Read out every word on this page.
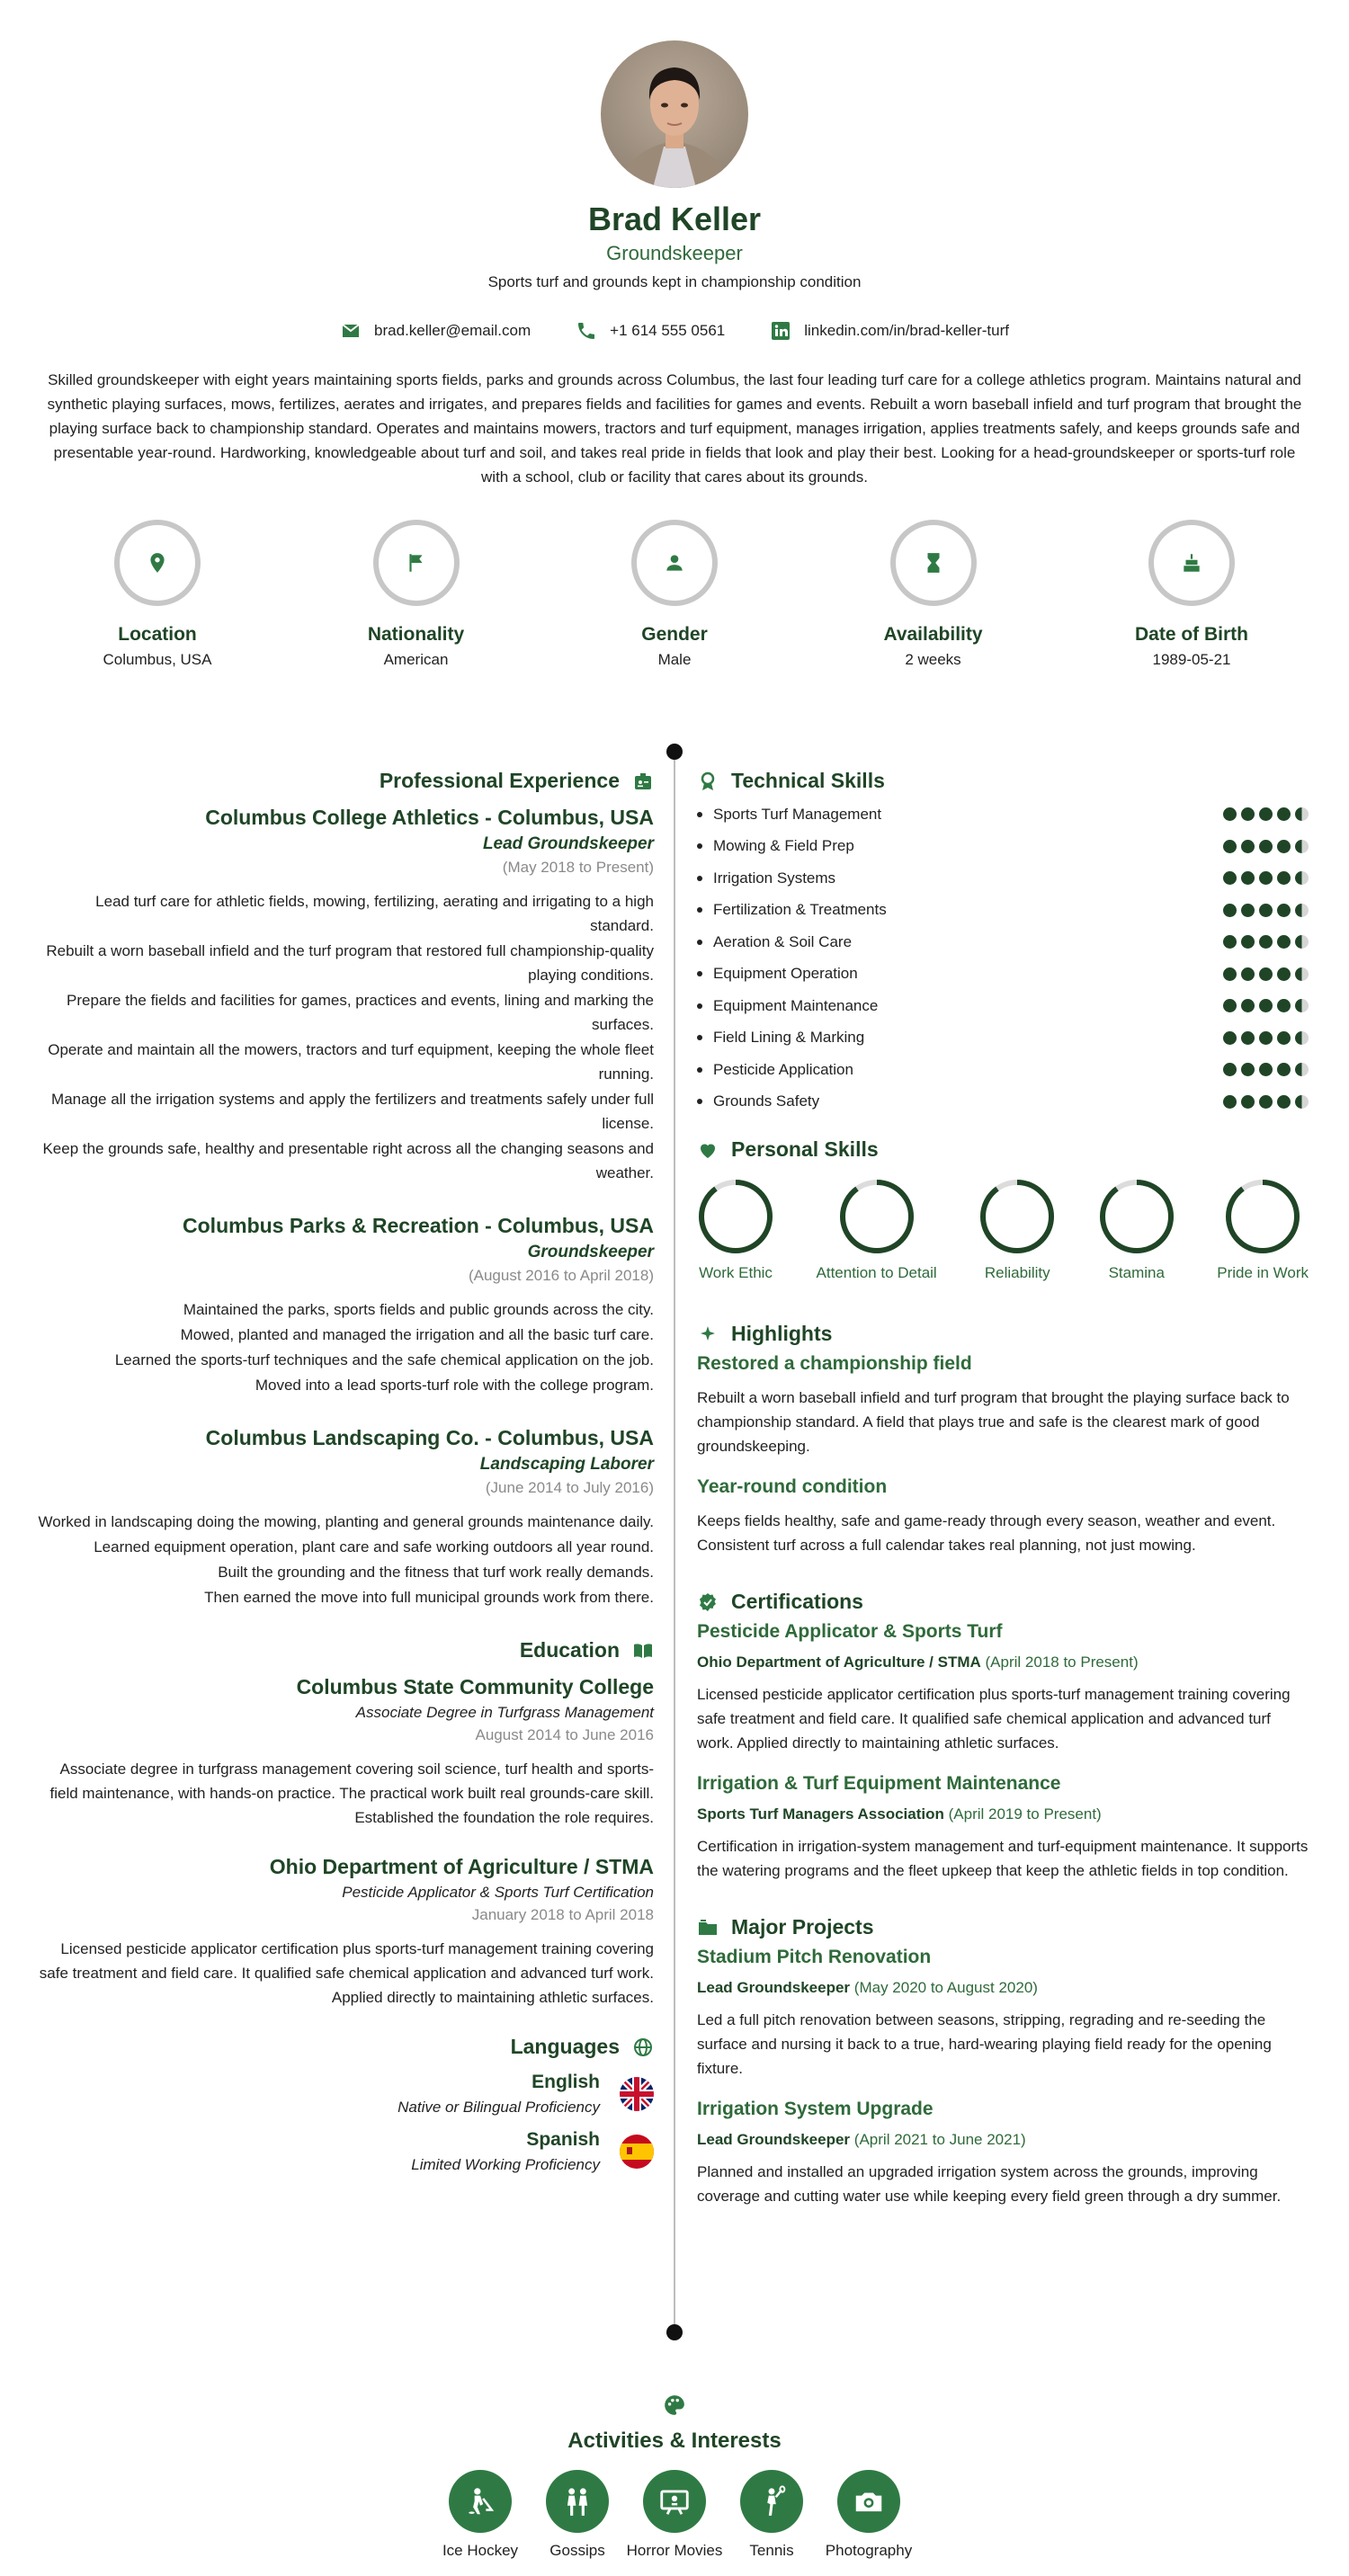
Brad Keller
Groundskeeper
Sports turf and grounds kept in championship condition
brad.keller@email.com	+1 614 555 0561	linkedin.com/in/brad-keller-turf
Skilled groundskeeper with eight years maintaining sports fields, parks and grounds across Columbus, the last four leading turf care for a college athletics program. Maintains natural and synthetic playing surfaces, mows, fertilizes, aerates and irrigates, and prepares fields and facilities for games and events. Rebuilt a worn baseball infield and turf program that brought the playing surface back to championship standard. Operates and maintains mowers, tractors and turf equipment, manages irrigation, applies treatments safely, and keeps grounds safe and presentable year-round. Hardworking, knowledgeable about turf and soil, and takes real pride in fields that look and play their best. Looking for a head-groundskeeper or sports-turf role with a school, club or facility that cares about its grounds.
Location
Columbus, USA
Nationality
American
Gender
Male
Availability
2 weeks
Date of Birth
1989-05-21
Professional Experience
Columbus College Athletics - Columbus, USA
Lead Groundskeeper
(May 2018 to Present)
Lead turf care for athletic fields, mowing, fertilizing, aerating and irrigating to a high standard.
Rebuilt a worn baseball infield and the turf program that restored full championship-quality playing conditions.
Prepare the fields and facilities for games, practices and events, lining and marking the surfaces.
Operate and maintain all the mowers, tractors and turf equipment, keeping the whole fleet running.
Manage all the irrigation systems and apply the fertilizers and treatments safely under full license.
Keep the grounds safe, healthy and presentable right across all the changing seasons and weather.
Columbus Parks & Recreation - Columbus, USA
Groundskeeper
(August 2016 to April 2018)
Maintained the parks, sports fields and public grounds across the city.
Mowed, planted and managed the irrigation and all the basic turf care.
Learned the sports-turf techniques and the safe chemical application on the job.
Moved into a lead sports-turf role with the college program.
Columbus Landscaping Co. - Columbus, USA
Landscaping Laborer
(June 2014 to July 2016)
Worked in landscaping doing the mowing, planting and general grounds maintenance daily.
Learned equipment operation, plant care and safe working outdoors all year round.
Built the grounding and the fitness that turf work really demands.
Then earned the move into full municipal grounds work from there.
Education
Columbus State Community College
Associate Degree in Turfgrass Management
August 2014 to June 2016
Associate degree in turfgrass management covering soil science, turf health and sports-field maintenance, with hands-on practice. The practical work built real grounds-care skill. Established the foundation the role requires.
Ohio Department of Agriculture / STMA
Pesticide Applicator & Sports Turf Certification
January 2018 to April 2018
Licensed pesticide applicator certification plus sports-turf management training covering safe treatment and field care. It qualified safe chemical application and advanced turf work. Applied directly to maintaining athletic surfaces.
Languages
English
Native or Bilingual Proficiency
Spanish
Limited Working Proficiency
Technical Skills
Sports Turf Management
Mowing & Field Prep
Irrigation Systems
Fertilization & Treatments
Aeration & Soil Care
Equipment Operation
Equipment Maintenance
Field Lining & Marking
Pesticide Application
Grounds Safety
Personal Skills
Work Ethic	Attention to Detail	Reliability	Stamina	Pride in Work
Highlights
Restored a championship field
Rebuilt a worn baseball infield and turf program that brought the playing surface back to championship standard. A field that plays true and safe is the clearest mark of good groundskeeping.
Year-round condition
Keeps fields healthy, safe and game-ready through every season, weather and event. Consistent turf across a full calendar takes real planning, not just mowing.
Certifications
Pesticide Applicator & Sports Turf
Ohio Department of Agriculture / STMA (April 2018 to Present)
Licensed pesticide applicator certification plus sports-turf management training covering safe treatment and field care. It qualified safe chemical application and advanced turf work. Applied directly to maintaining athletic surfaces.
Irrigation & Turf Equipment Maintenance
Sports Turf Managers Association (April 2019 to Present)
Certification in irrigation-system management and turf-equipment maintenance. It supports the watering programs and the fleet upkeep that keep the athletic fields in top condition.
Major Projects
Stadium Pitch Renovation
Lead Groundskeeper (May 2020 to August 2020)
Led a full pitch renovation between seasons, stripping, regrading and re-seeding the surface and nursing it back to a true, hard-wearing playing field ready for the opening fixture.
Irrigation System Upgrade
Lead Groundskeeper (April 2021 to June 2021)
Planned and installed an upgraded irrigation system across the grounds, improving coverage and cutting water use while keeping every field green through a dry summer.
Activities & Interests
Ice Hockey	Gossips	Horror Movies	Tennis	Photography
